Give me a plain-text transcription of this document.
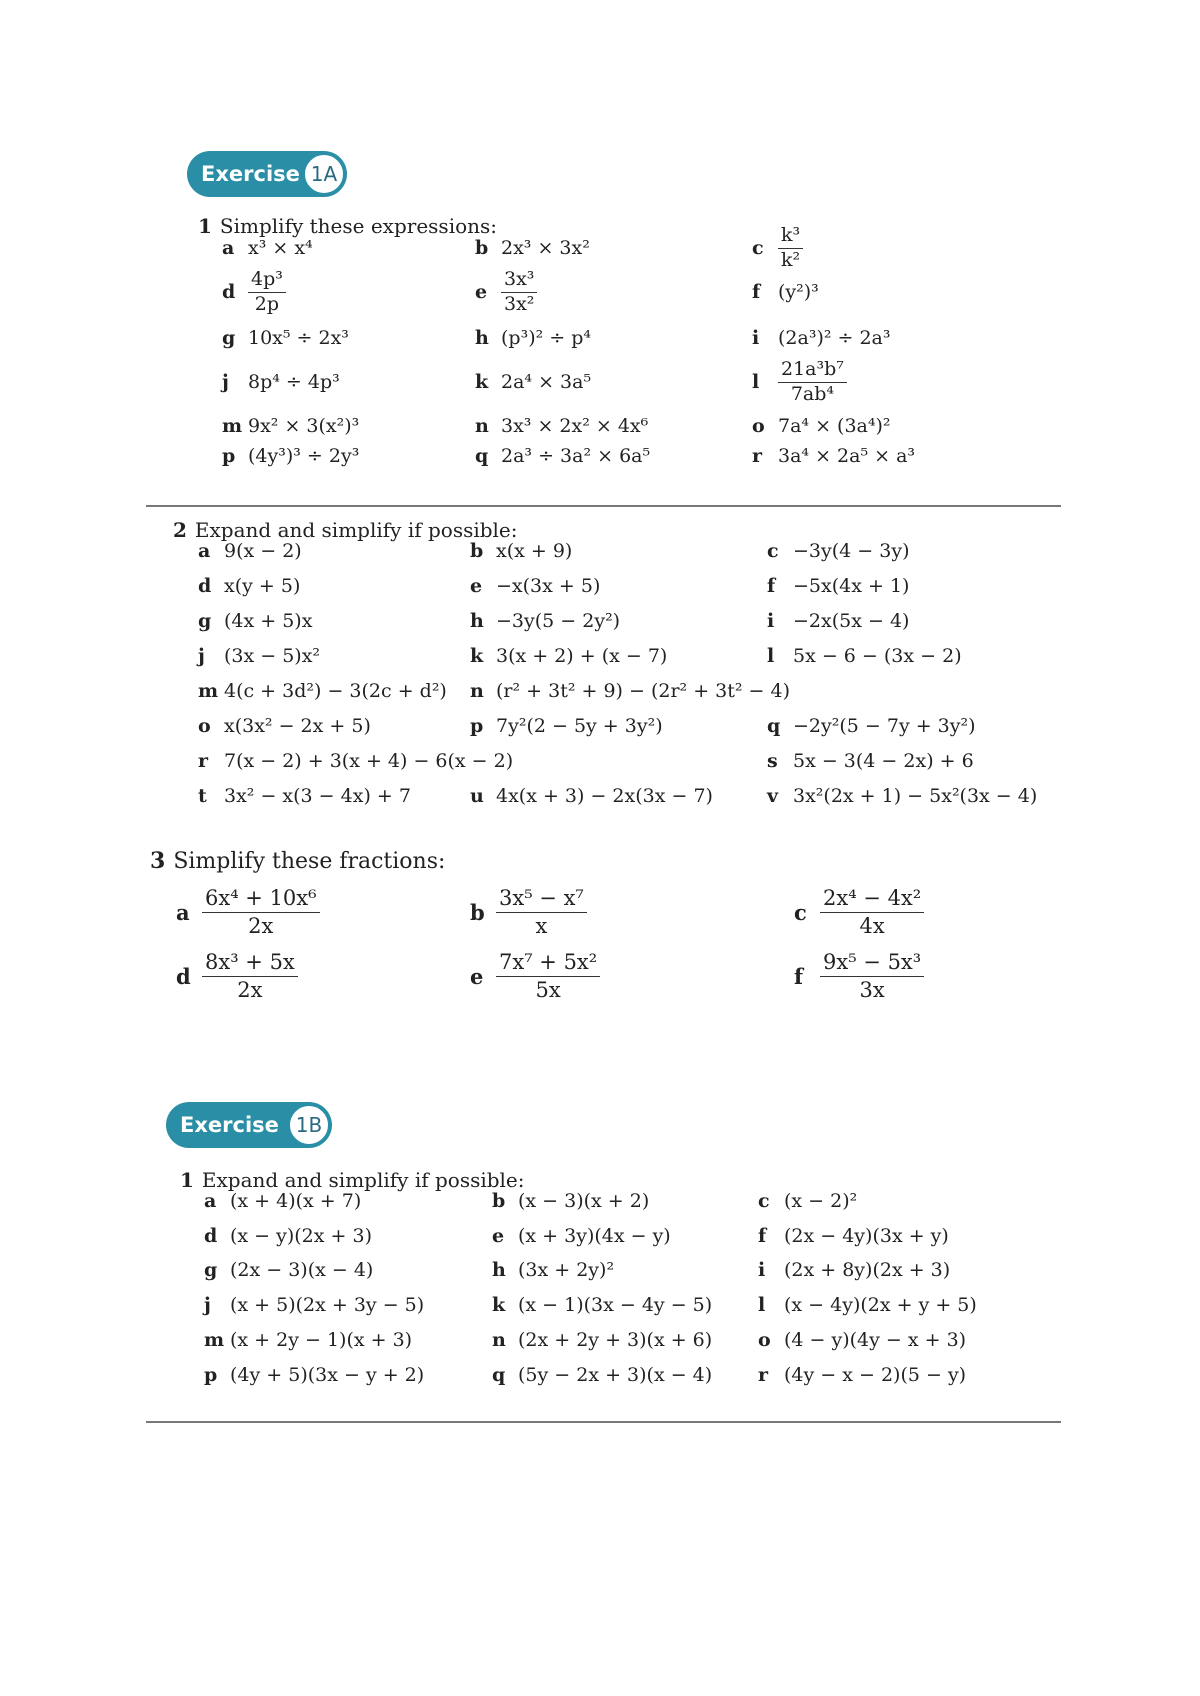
Exercise 1A
1 Simplify these expressions:
a x³ × x⁴	b 2x³ × 3x²	c $\frac{\text{k³}}{\text{k²}}$
d $\frac{\text{4p³}}{2p}$	e $\frac{\text{3x³}}{\text{3x²}}$	f (y²)³
g 10x⁵ ÷ 2x³	h (p³)² ÷ p⁴	i (2a³)² ÷ 2a³
j	8p⁴ ÷ 4p³	k 2a⁴ × 3a⁵	l $\frac{\text{21a³b⁷}}{\text{7ab⁴}}$
m 9x² × 3(x²)³	n 3x³ × 2x² × 4x⁶	o 7a⁴ × (3a⁴)²
p (4y³)³ ÷ 2y³	q 2a³ ÷ 3a² × 6a⁵	r 3a⁴ × 2a⁵ × a³
2 Expand and simplify if possible:
a 9(x − 2)	b x(x + 9)	c −3y(4 − 3y)
d x(y + 5)	e −x(3x + 5)	f −5x(4x + 1)
g (4x + 5)x	h −3y(5 − 2y²)	i −2x(5x − 4)
j	(3x − 5)x²	k 3(x + 2) + (x − 7)	l 5x − 6 − (3x − 2)
m 4(c + 3d²) − 3(2c + d²) n (r² + 3t² + 9) − (2r² + 3t² − 4)
o x(3x² − 2x + 5)	p 7y²(2 − 5y + 3y²)	q −2y²(5 − 7y + 3y²)
r 7(x − 2) + 3(x + 4) − 6(x − 2)	s 5x − 3(4 − 2x) + 6
t 3x² − x(3 − 4x) + 7	u 4x(x + 3) − 2x(3x − 7)	v 3x²(2x + 1) − 5x²(3x − 4)
3 Simplify these fractions:
a $\frac{\text{6x⁴ + 10x⁶}}{2x}$	b $\frac{\text{3x⁵ − x⁷}}{x}$	c $\frac{\text{2x⁴ − 4x²}}{4x}$
d $\frac{\text{8x³ + 5x}}{2x}$	e $\frac{\text{7x⁷ + 5x²}}{5x}$	f $\frac{\text{9x⁵ − 5x³}}{3x}$
Exercise 1B
1 Expand and simplify if possible:
a (x + 4)(x + 7)	b (x − 3)(x + 2)	c (x − 2)²
d (x − y)(2x + 3)	e (x + 3y)(4x − y)	f (2x − 4y)(3x + y)
g (2x − 3)(x − 4)	h (3x + 2y)²	i (2x + 8y)(2x + 3)
j	(x + 5)(2x + 3y − 5)	k (x − 1)(3x − 4y − 5) l (x − 4y)(2x + y + 5)
m (x + 2y − 1)(x + 3)	n (2x + 2y + 3)(x + 6) o (4 − y)(4y − x + 3)
p (4y + 5)(3x − y + 2)	q (5y − 2x + 3)(x − 4) r (4y − x − 2)(5 − y)
